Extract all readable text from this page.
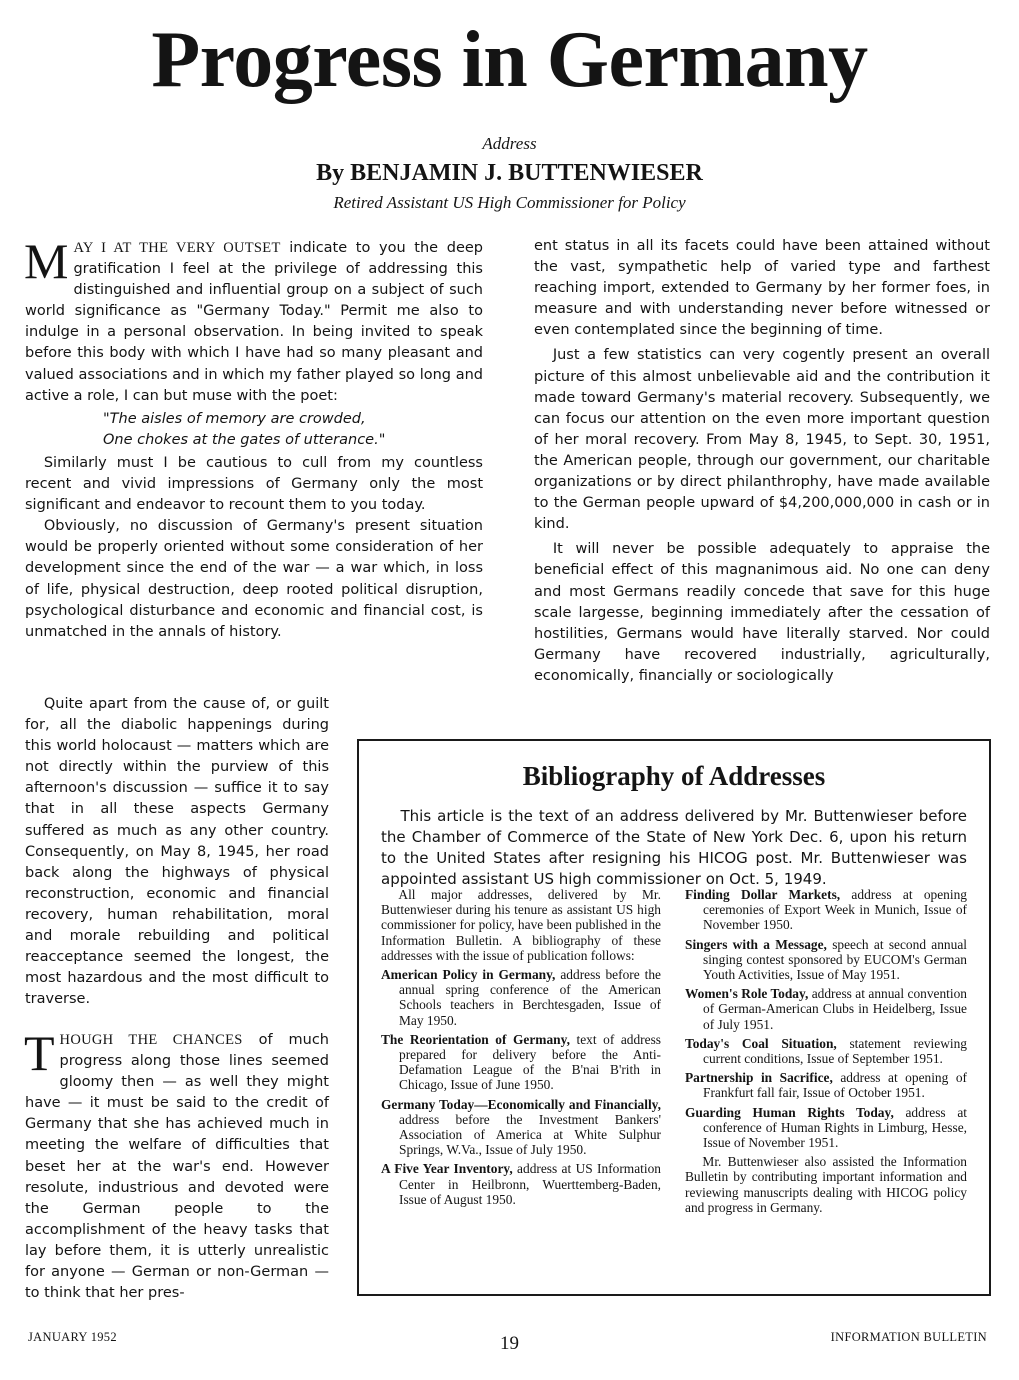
Progress in Germany
Address
By BENJAMIN J. BUTTENWIESER
Retired Assistant US High Commissioner for Policy

MAY I AT THE VERY OUTSET indicate to you the deep gratification I feel at the privilege of addressing this distinguished and influential group on a subject of such world significance as "Germany Today." Permit me also to indulge in a personal observation. In being invited to speak before this body with which I have had so many pleasant and valued associations and in which my father played so long and active a role, I can but muse with the poet:

"The aisles of memory are crowded,

One chokes at the gates of utterance."

Similarly must I be cautious to cull from my countless recent and vivid impressions of Germany only the most significant and endeavor to recount them to you today.

Obviously, no discussion of Germany's present situation would be properly oriented without some consideration of her development since the end of the war — a war which, in loss of life, physical destruction, deep rooted political disruption, psychological disturbance and economic and financial cost, is unmatched in the annals of history.

Quite apart from the cause of, or guilt for, all the diabolic happenings during this world holocaust — matters which are not directly within the purview of this afternoon's discussion — suffice it to say that in all these aspects Germany suffered as much as any other country. Consequently, on May 8, 1945, her road back along the highways of physical reconstruction, economic and financial recovery, human rehabilitation, moral and morale rebuilding and political reacceptance seemed the longest, the most hazardous and the most difficult to traverse.

THOUGH THE CHANCES of much progress along those lines seemed gloomy then — as well they might have — it must be said to the credit of Germany that she has achieved much in meeting the welfare of difficulties that beset her at the war's end. However resolute, industrious and devoted were the German people to the accomplishment of the heavy tasks that lay before them, it is utterly unrealistic for anyone — German or non-German — to think that her pres-

ent status in all its facets could have been attained without the vast, sympathetic help of varied type and farthest reaching import, extended to Germany by her former foes, in measure and with understanding never before witnessed or even contemplated since the beginning of time.

Just a few statistics can very cogently present an overall picture of this almost unbelievable aid and the contribution it made toward Germany's material recovery. Subsequently, we can focus our attention on the even more important question of her moral recovery. From May 8, 1945, to Sept. 30, 1951, the American people, through our government, our charitable organizations or by direct philanthrophy, have made available to the German people upward of $4,200,000,000 in cash or in kind.

It will never be possible adequately to appraise the beneficial effect of this magnanimous aid. No one can deny and most Germans readily concede that save for this huge scale largesse, beginning immediately after the cessation of hostilities, Germans would have literally starved. Nor could Germany have recovered industrially, agriculturally, economically, financially or sociologically

Bibliography of Addresses

This article is the text of an address delivered by Mr. Buttenwieser before the Chamber of Commerce of the State of New York Dec. 6, upon his return to the United States after resigning his HICOG post. Mr. Buttenwieser was appointed assistant US high commissioner on Oct. 5, 1949.

All major addresses, delivered by Mr. Buttenwieser during his tenure as assistant US high commissioner for policy, have been published in the Information Bulletin. A bibliography of these addresses with the issue of publication follows:

American Policy in Germany, address before the annual spring conference of the American Schools teachers in Berchtesgaden, Issue of May 1950.

The Reorientation of Germany, text of address prepared for delivery before the Anti-Defamation League of the B'nai B'rith in Chicago, Issue of June 1950.

Germany Today—Economically and Financially, address before the Investment Bankers' Association of America at White Sulphur Springs, W.Va., Issue of July 1950.

A Five Year Inventory, address at US Information Center in Heilbronn, Wuerttemberg-Baden, Issue of August 1950.

Finding Dollar Markets, address at opening ceremonies of Export Week in Munich, Issue of November 1950.

Singers with a Message, speech at second annual singing contest sponsored by EUCOM's German Youth Activities, Issue of May 1951.

Women's Role Today, address at annual convention of German-American Clubs in Heidelberg, Issue of July 1951.

Today's Coal Situation, statement reviewing current conditions, Issue of September 1951.

Partnership in Sacrifice, address at opening of Frankfurt fall fair, Issue of October 1951.

Guarding Human Rights Today, address at conference of Human Rights in Limburg, Hesse, Issue of November 1951.

Mr. Buttenwieser also assisted the Information Bulletin by contributing important information and reviewing manuscripts dealing with HICOG policy and progress in Germany.

JANUARY 1952	19	INFORMATION BULLETIN
